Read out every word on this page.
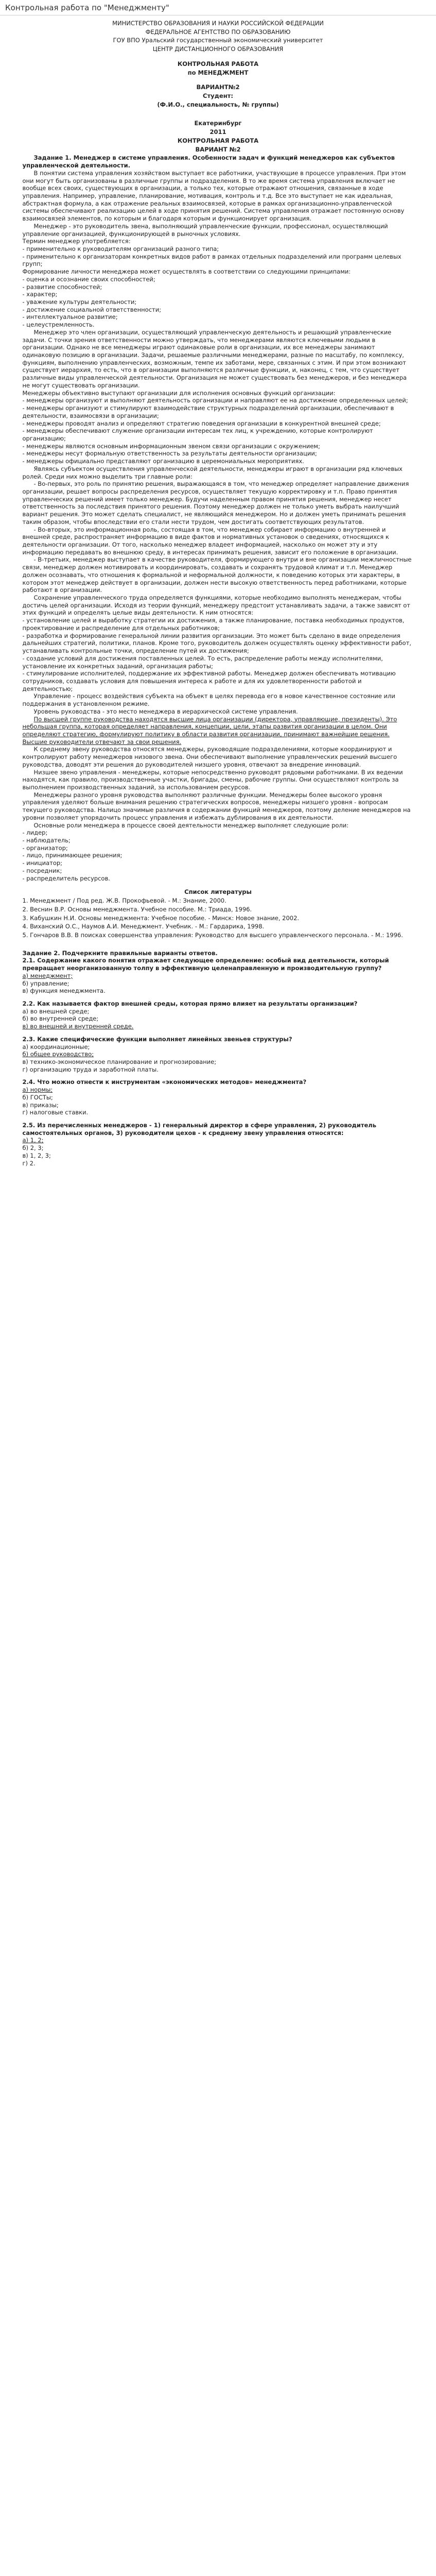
Контрольная работа по "Менеджменту"

МИНИСТЕРСТВО ОБРАЗОВАНИЯ И НАУКИ РОССИЙСКОЙ ФЕДЕРАЦИИ

ФЕДЕРАЛЬНОЕ АГЕНТСТВО ПО ОБРАЗОВАНИЮ

ГОУ ВПО Уральский государственный экономический университет

ЦЕНТР ДИСТАНЦИОННОГО ОБРАЗОВАНИЯ

КОНТРОЛЬНАЯ РАБОТА

по МЕНЕДЖМЕНТ

ВАРИАНТ№2

Студент:

(Ф.И.О., специальность, № группы)

Екатеринбург

2011

КОНТРОЛЬНАЯ РАБОТА

ВАРИАНТ №2

Задание 1. Менеджер в системе управления. Особенности задач и функций менеджеров как субъектов управленческой деятельности.

В понятии система управления хозяйством выступает все работники, участвующие в процессе управления. При этом они могут быть организованы в различные группы и подразделения. В то же время система управления включает не вообще всех своих, существующих в организации, а только тех, которые отражают отношения, связанные в ходе управления. Например, управление, планирование, мотивация, контроль и т.д. Все это выступает не как идеальная, абстрактная формула, а как отражение реальных взаимосвязей, которые в рамках организационно-управленческой системы обеспечивают реализацию целей в ходе принятия решений. Система управления отражает постоянную основу взаимосвязей элементов, по которым и благодаря которым и функционирует организация.

Менеджер - это руководитель звена, выполняющий управленческие функции, профессионал, осуществляющий управление организацией, функционирующей в рыночных условиях.

Термин менеджер употребляется:

- применительно к руководителям организаций разного типа;

- применительно к организаторам конкретных видов работ в рамках отдельных подразделений или программ целевых групп;

Формирование личности менеджера может осуществлять в соответствии со следующими принципами:

- оценка и осознание своих способностей;

- развитие способностей;

- характер;

- уважение культуры деятельности;

- достижение социальной ответственности;

- интеллектуальное развитие;

- целеустремленность.

Менеджер это член организации, осуществляющий управленческую деятельность и решающий управленческие задачи. С точки зрения ответственности можно утверждать, что менеджерами являются ключевыми людьми в организации. Однако не все менеджеры играют одинаковые роли в организации, их все менеджеры занимают одинаковую позицию в организации. Задачи, решаемые различными менеджерами, разные по масштабу, по комплексу, функциям, выполнению управленческих, возможным, темпе их заботами, мере, связанных с этим. И при этом возникают существует иерархия, то есть, что в организации выполняются различные функции, и, наконец, с тем, что существует различные виды управленческой деятельности. Организация не может существовать без менеджеров, и без менеджера не могут существовать организации.

Менеджеры объективно выступают организации для исполнения основных функций организации:

- менеджеры организуют и выполняют деятельность организации и направляют ее на достижение определенных целей;

- менеджеры организуют и стимулируют взаимодействие структурных подразделений организации, обеспечивают в деятельности, взаимосвязи в организации;

- менеджеры проводят анализ и определяют стратегию поведения организации в конкурентной внешней среде;

- менеджеры обеспечивают служение организации интересам тех лиц, к учреждению, которые контролируют организацию;

- менеджеры являются основным информационным звеном связи организации с окружением;

- менеджеры несут формальную ответственность за результаты деятельности организации;

- менеджеры официально представляют организацию в церемониальных мероприятиях.

Являясь субъектом осуществления управленческой деятельности, менеджеры играют в организации ряд ключевых ролей. Среди них можно выделить три главные роли:

- Во-первых, это роль по принятию решения, выражающаяся в том, что менеджер определяет направление движения организации, решает вопросы распределения ресурсов, осуществляет текущую корректировку и т.п. Право принятия управленческих решений имеет только менеджер. Будучи наделенным правом принятия решения, менеджер несет ответственность за последствия принятого решения. Поэтому менеджер должен не только уметь выбрать наилучший вариант решения. Это может сделать специалист, не являющийся менеджером. Но и должен уметь принимать решения таким образом, чтобы впоследствии его стали нести трудом, чем достигать соответствующих результатов.

- Во-вторых, это информационная роль, состоящая в том, что менеджер собирает информацию о внутренней и внешней среде, распространяет информацию в виде фактов и нормативных установок о сведениях, относящихся к деятельности организации. От того, насколько менеджер владеет информацией, насколько он может эту и эту информацию передавать во внешнюю среду, в интересах принимать решения, зависит его положение в организации.

- В-третьих, менеджер выступает в качестве руководителя, формирующего внутри и вне организации межличностные связи, менеджер должен мотивировать и координировать, создавать и сохранять трудовой климат и т.п. Менеджер должен осознавать, что отношения к формальной и неформальной должности, к поведению которых эти характеры, в котором этот менеджер действует в организации, должен нести высокую ответственность перед работниками, которые работают в организации.

Сохранение управленческого труда определяется функциями, которые необходимо выполнять менеджерам, чтобы достичь целей организации. Исходя из теории функций, менеджеру предстоит устанавливать задачи, а также зависят от этих функций и определять целые виды деятельности. К ним относятся:

- установление целей и выработку стратегии их достижения, а также планирование, поставка необходимых продуктов, проектирование и распределение для отдельных работников;

- разработка и формирование генеральной линии развития организации. Это может быть сделано в виде определения дальнейших стратегий, политики, планов. Кроме того, руководитель должен осуществлять оценку эффективности работ, устанавливать контрольные точки, определение путей их достижения;

- создание условий для достижения поставленных целей. То есть, распределение работы между исполнителями, установление их конкретных заданий, организация работы;

- стимулирование исполнителей, поддержание их эффективной работы. Менеджер должен обеспечивать мотивацию сотрудников, создавать условия для повышения интереса к работе и для их удовлетворенности работой и деятельностью;

Управление - процесс воздействия субъекта на объект в целях перевода его в новое качественное состояние или поддержания в установленном режиме.

Уровень руководства - это место менеджера в иерархической системе управления.

По высшей группе руководства находятся высшие лица организации (директора, управляющие, президенты). Это небольшая группа, которая определяет направления, концепции, цели, этапы развития организации в целом. Они определяют стратегию, формулируют политику в области развития организации, принимают важнейшие решения. Высшие руководители отвечают за свои решения.

К среднему звену руководства относятся менеджеры, руководящие подразделениями, которые координируют и контролируют работу менеджеров низового звена. Они обеспечивают выполнение управленческих решений высшего руководства, доводят эти решения до руководителей низшего уровня, отвечают за внедрение инноваций.

Низшее звено управления - менеджеры, которые непосредственно руководят рядовыми работниками. В их ведении находятся, как правило, производственные участки, бригады, смены, рабочие группы. Они осуществляют контроль за выполнением производственных заданий, за использованием ресурсов.

Менеджеры разного уровня руководства выполняют различные функции. Менеджеры более высокого уровня управления уделяют больше внимания решению стратегических вопросов, менеджеры низшего уровня - вопросам текущего руководства. Налицо значимые различия в содержании функций менеджеров, поэтому деление менеджеров на уровни позволяет упорядочить процесс управления и избежать дублирования в их деятельности.

Основные роли менеджера в процессе своей деятельности менеджер выполняет следующие роли:

- лидер;

- наблюдатель;

- организатор;

- лицо, принимающее решения;

- инициатор;

- посредник;

- распределитель ресурсов.

Список литературы

1. Менеджмент / Под ред. Ж.В. Прокофьевой. - М.: Знание, 2000.

2. Веснин В.Р. Основы менеджмента. Учебное пособие. М.: Триада, 1996.

3. Кабушкин Н.И. Основы менеджмента: Учебное пособие. - Минск: Новое знание, 2002.

4. Виханский О.С., Наумов А.И. Менеджмент. Учебник. - М.: Гардарика, 1998.

5. Гончаров В.В. В поисках совершенства управления: Руководство для высшего управленческого персонала. - М.: 1996.

Задание 2. Подчеркните правильные варианты ответов.

2.1. Содержание какого понятия отражает следующее определение: особый вид деятельности, который превращает неорганизованную толпу в эффективную целенаправленную и производительную группу?

а) менеджмент;

б) управление;

в) функция менеджмента.

2.2. Как называется фактор внешней среды, которая прямо влияет на результаты организации?

а) во внешней среде;

б) во внутренней среде;

в) во внешней и внутренней среде.

2.3. Какие специфические функции выполняет линейных звеньев структуры?

а) координационные;

б) общее руководство;

в) технико-экономическое планирование и прогнозирование;

г) организацию труда и заработной платы.

2.4. Что можно отнести к инструментам «экономических методов» менеджмента?

а) нормы;

б) ГОСТы;

в) приказы;

г) налоговые ставки.

2.5. Из перечисленных менеджеров - 1) генеральный директор в сфере управления, 2) руководитель самостоятельных органов, 3) руководители цехов - к среднему звену управления относятся:

а) 1, 2;

б) 2, 3;

в) 1, 2, 3;

г) 2.
